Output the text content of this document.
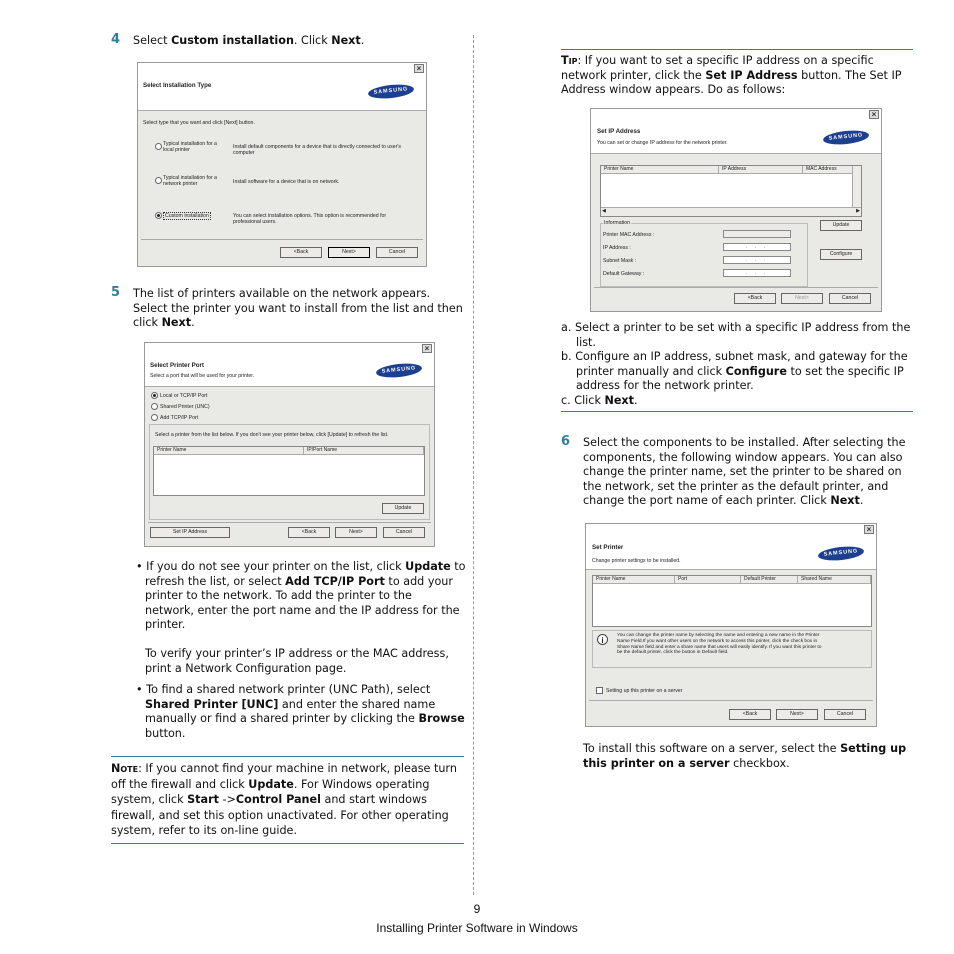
4 Select Custom installation. Click Next.
×
Select Installation Type
SAMSUNG
Select type that you want and click [Next] button.
Typical installation for a
local printer	Install default components for a device that is directly connected to user's
computer
Typical installation for a
network printer	Install software for a device that is on network.
Custom installation	You can select installation options. This option is recommended for
professional users.
<Back	Next>	Cancel
5 The list of printers available on the network appears.
Select the printer you want to install from the list and then
click Next.
×
Select Printer Port
Select a port that will be used for your printer.
SAMSUNG
Local or TCP/IP Port
Shared Printer (UNC)
Add TCP/IP Port
Select a printer from the list below. If you don't see your printer below, click [Update] to refresh the list.
Printer Name	IP/Port Name
Update
Set IP Address	<Back	Next>	Cancel
• If you do not see your printer on the list, click Update to
refresh the list, or select Add TCP/IP Port to add your
printer to the network. To add the printer to the
network, enter the port name and the IP address for the
printer.
To verify your printer’s IP address or the MAC address,
print a Network Configuration page.
• To find a shared network printer (UNC Path), select
Shared Printer [UNC] and enter the shared name
manually or find a shared printer by clicking the Browse
button.
Note: If you cannot find your machine in network, please turn
off the firewall and click Update. For Windows operating
system, click Start ->Control Panel and start windows
firewall, and set this option unactivated. For other operating
system, refer to its on-line guide.
Tip: If you want to set a specific IP address on a specific
network printer, click the Set IP Address button. The Set IP
Address window appears. Do as follows:
×
Set IP Address
You can set or change IP address for the network printer.
SAMSUNG
Printer Name	IP Address	MAC Address
◀	▶
Information
Printer MAC Address :
IP Address :	. . .
Subnet Mask :	. . .
Default Gateway :	. . .
Update
Configure
<Back	Next>	Cancel
a. Select a printer to be set with a specific IP address from the
list.
b. Configure an IP address, subnet mask, and gateway for the
printer manually and click Configure to set the specific IP
address for the network printer.
c. Click Next.
6 Select the components to be installed. After selecting the
components, the following window appears. You can also
change the printer name, set the printer to be shared on
the network, set the printer as the default printer, and
change the port name of each printer. Click Next.
×
Set Printer
Change printer settings to be installed.
SAMSUNG
Printer Name	Port	Default Printer	Shared Name
i
You can change the printer name by selecting the name and entering a new name in the Printer
Name Field.If you want other users on the network to access this printer, click the check box in
Share Name field and enter a share name that users will easily identify. If you want this printer to
be the default printer, click the button in Default field.
Setting up this printer on a server
<Back	Next>	Cancel
To install this software on a server, select the Setting up
this printer on a server checkbox.
9
Installing Printer Software in Windows
